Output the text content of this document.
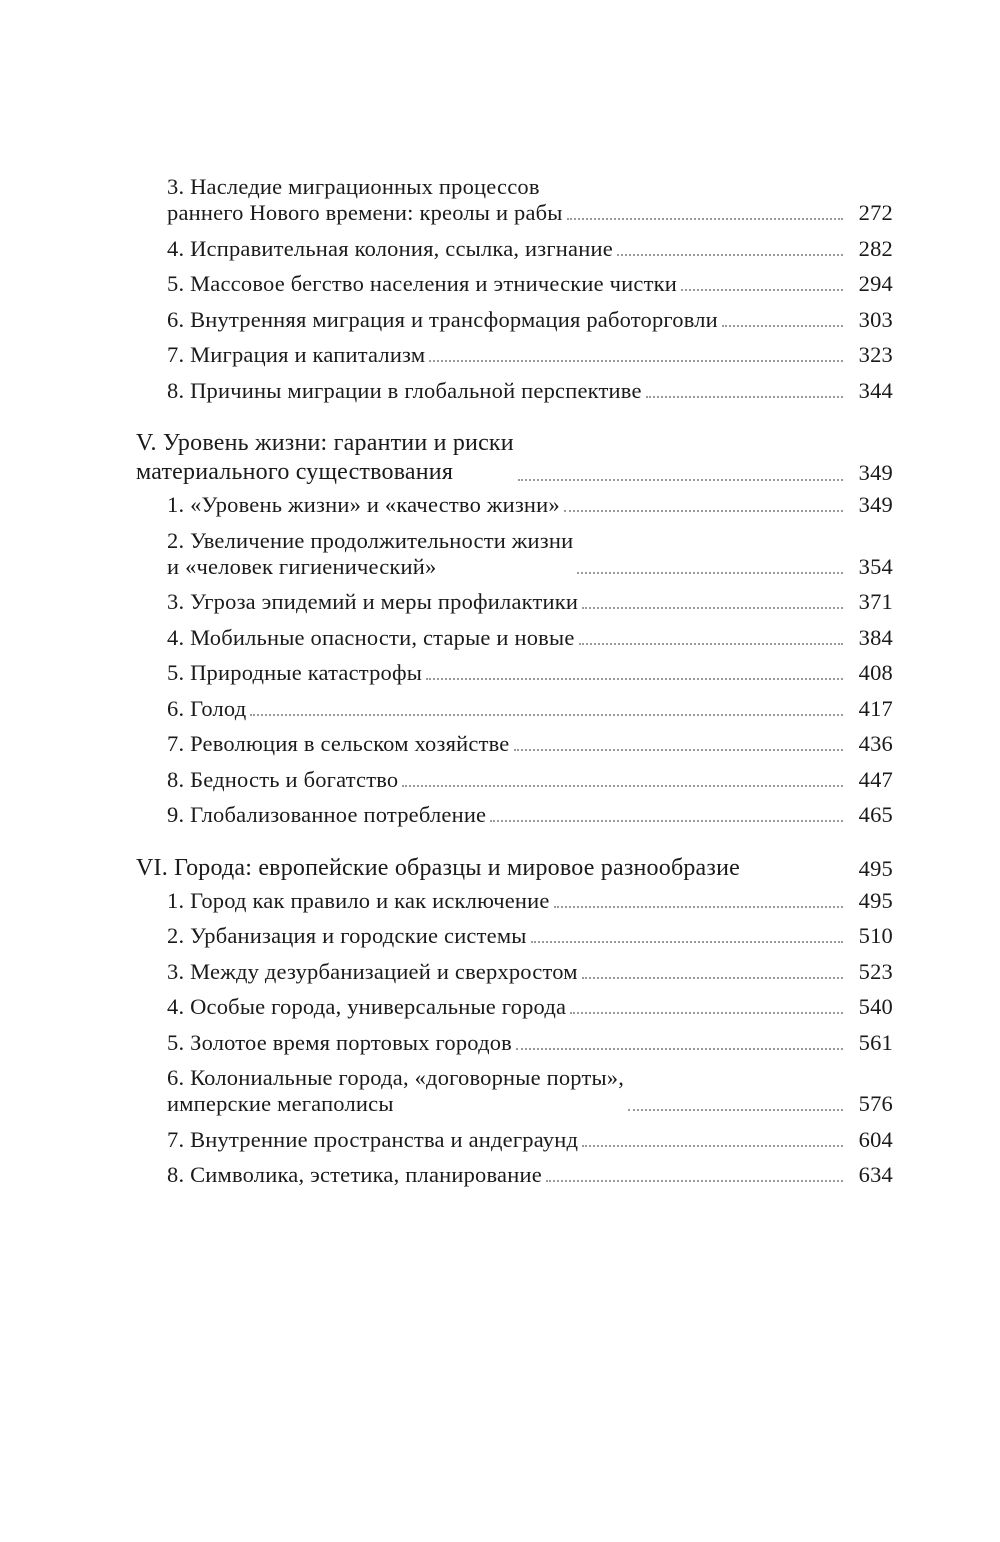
3. Наследие миграционных процессов
раннего Нового времени: креолы и рабы	272
4. Исправительная колония, ссылка, изгнание	282
5. Массовое бегство населения и этнические чистки	294
6. Внутренняя миграция и трансформация работорговли	303
7. Миграция и капитализм	323
8. Причины миграции в глобальной перспективе	344
V. Уровень жизни: гарантии и риски
материального существования	349
1. «Уровень жизни» и «качество жизни»	349
2. Увеличение продолжительности жизни
и «человек гигиенический»	354
3. Угроза эпидемий и меры профилактики	371
4. Мобильные опасности, старые и новые	384
5. Природные катастрофы	408
6. Голод	417
7. Революция в сельском хозяйстве	436
8. Бедность и богатство	447
9. Глобализованное потребление	465
VI. Города: европейские образцы и мировое разнообразие	495
1. Город как правило и как исключение	495
2. Урбанизация и городские системы	510
3. Между дезурбанизацией и сверхростом	523
4. Особые города, универсальные города	540
5. Золотое время портовых городов	561
6. Колониальные города, «договорные порты»,
имперские мегаполисы	576
7. Внутренние пространства и андеграунд	604
8. Символика, эстетика, планирование	634
